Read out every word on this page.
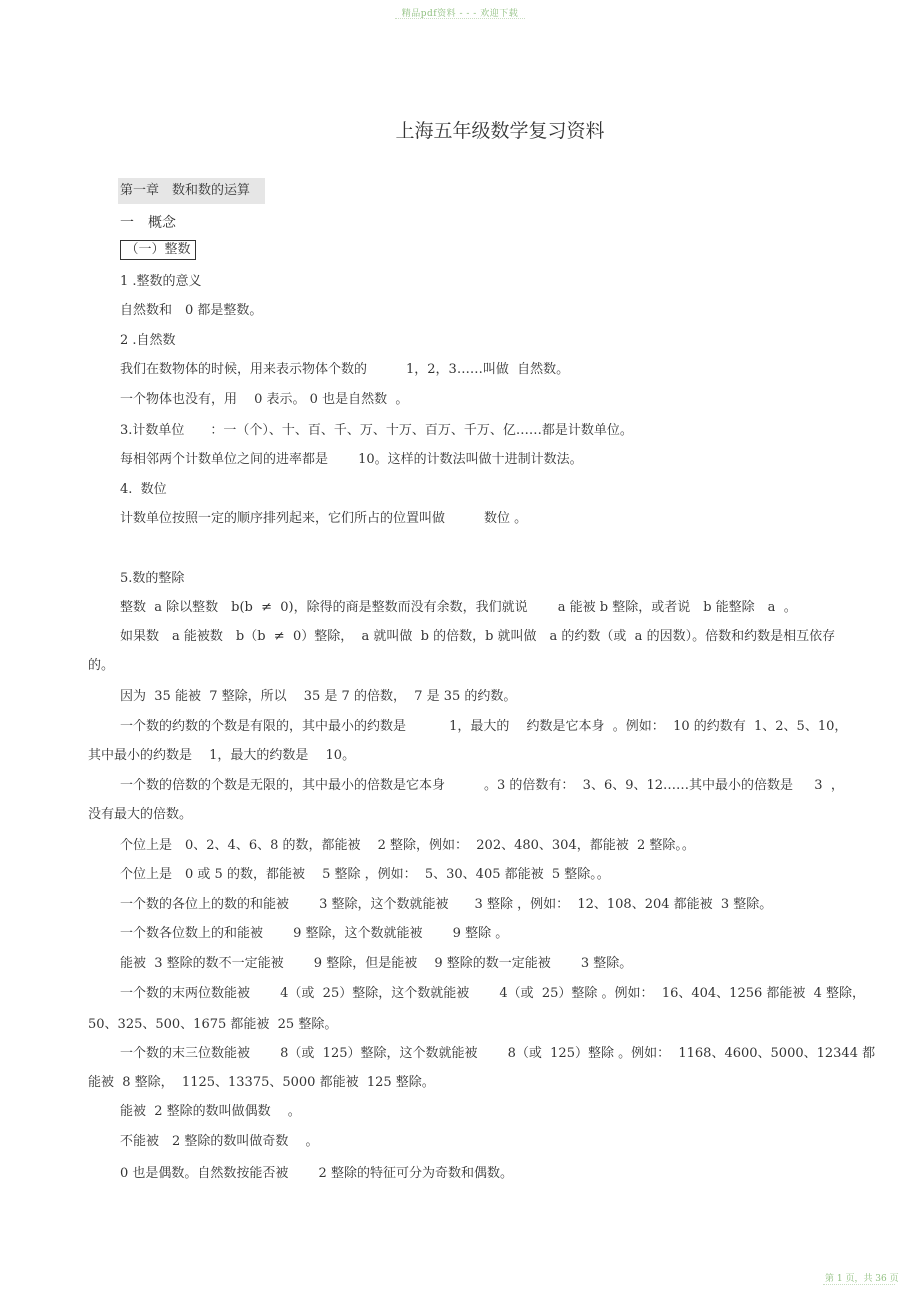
精品pdf资料 - - - 欢迎下载
上海五年级数学复习资料
第一章　数和数的运算
一　概念
（一）整数
1 .整数的意义
自然数和　0 都是整数。
2 .自然数
我们在数物体的时候，用来表示物体个数的　　　1，2，3……叫做  自然数。
一个物体也没有，用　 0 表示。 0 也是自然数  。
3.计数单位　　：一（个）、十、百、千、万、十万、百万、千万、亿……都是计数单位。
每相邻两个计数单位之间的进率都是　　 10。这样的计数法叫做十进制计数法。
4.  数位
计数单位按照一定的顺序排列起来，它们所占的位置叫做　　　数位 。
5.数的整除
整数  a 除以整数　b(b  ≠  0)，除得的商是整数而没有余数，我们就说　　 a 能被 b 整除，或者说　b 能整除　a  。
如果数　a 能被数　b（b  ≠  0）整除，  a 就叫做  b 的倍数，b 就叫做　a 的约数（或  a 的因数）。倍数和约数是相互依存
的。
因为  35 能被  7 整除，所以　 35 是 7 的倍数，  7 是 35 的约数。
一个数的约数的个数是有限的，其中最小的约数是　　　 1，最大的　 约数是它本身  。例如：  10 的约数有  1、2、5、10，
其中最小的约数是　 1，最大的约数是　 10。
一个数的倍数的个数是无限的，其中最小的倍数是它本身　　　。3 的倍数有：  3、6、9、12……其中最小的倍数是　  3  ，
没有最大的倍数。
个位上是　0、2、4、6、8 的数，都能被　 2 整除，例如：  202、480、304，都能被  2 整除。。
个位上是　0 或 5 的数，都能被　 5 整除 ，例如：  5、30、405 都能被  5 整除。。
一个数的各位上的数的和能被　　 3 整除，这个数就能被　　3 整除 ，例如：  12、108、204 都能被  3 整除。
一个数各位数上的和能被　　 9 整除，这个数就能被　　 9 整除 。
能被  3 整除的数不一定能被　　 9 整除，但是能被　 9 整除的数一定能被　　 3 整除。
一个数的末两位数能被　　 4（或  25）整除，这个数就能被　　 4（或  25）整除 。例如：  16、404、1256 都能被  4 整除，
50、325、500、1675 都能被  25 整除。
一个数的末三位数能被　　 8（或  125）整除，这个数就能被　　 8（或  125）整除 。例如：  1168、4600、5000、12344 都
能被  8 整除，  1125、13375、5000 都能被  125 整除。
能被  2 整除的数叫做偶数　 。
不能被　2 整除的数叫做奇数　 。
0 也是偶数。自然数按能否被　　 2 整除的特征可分为奇数和偶数。
第 1 页，共 36 页
